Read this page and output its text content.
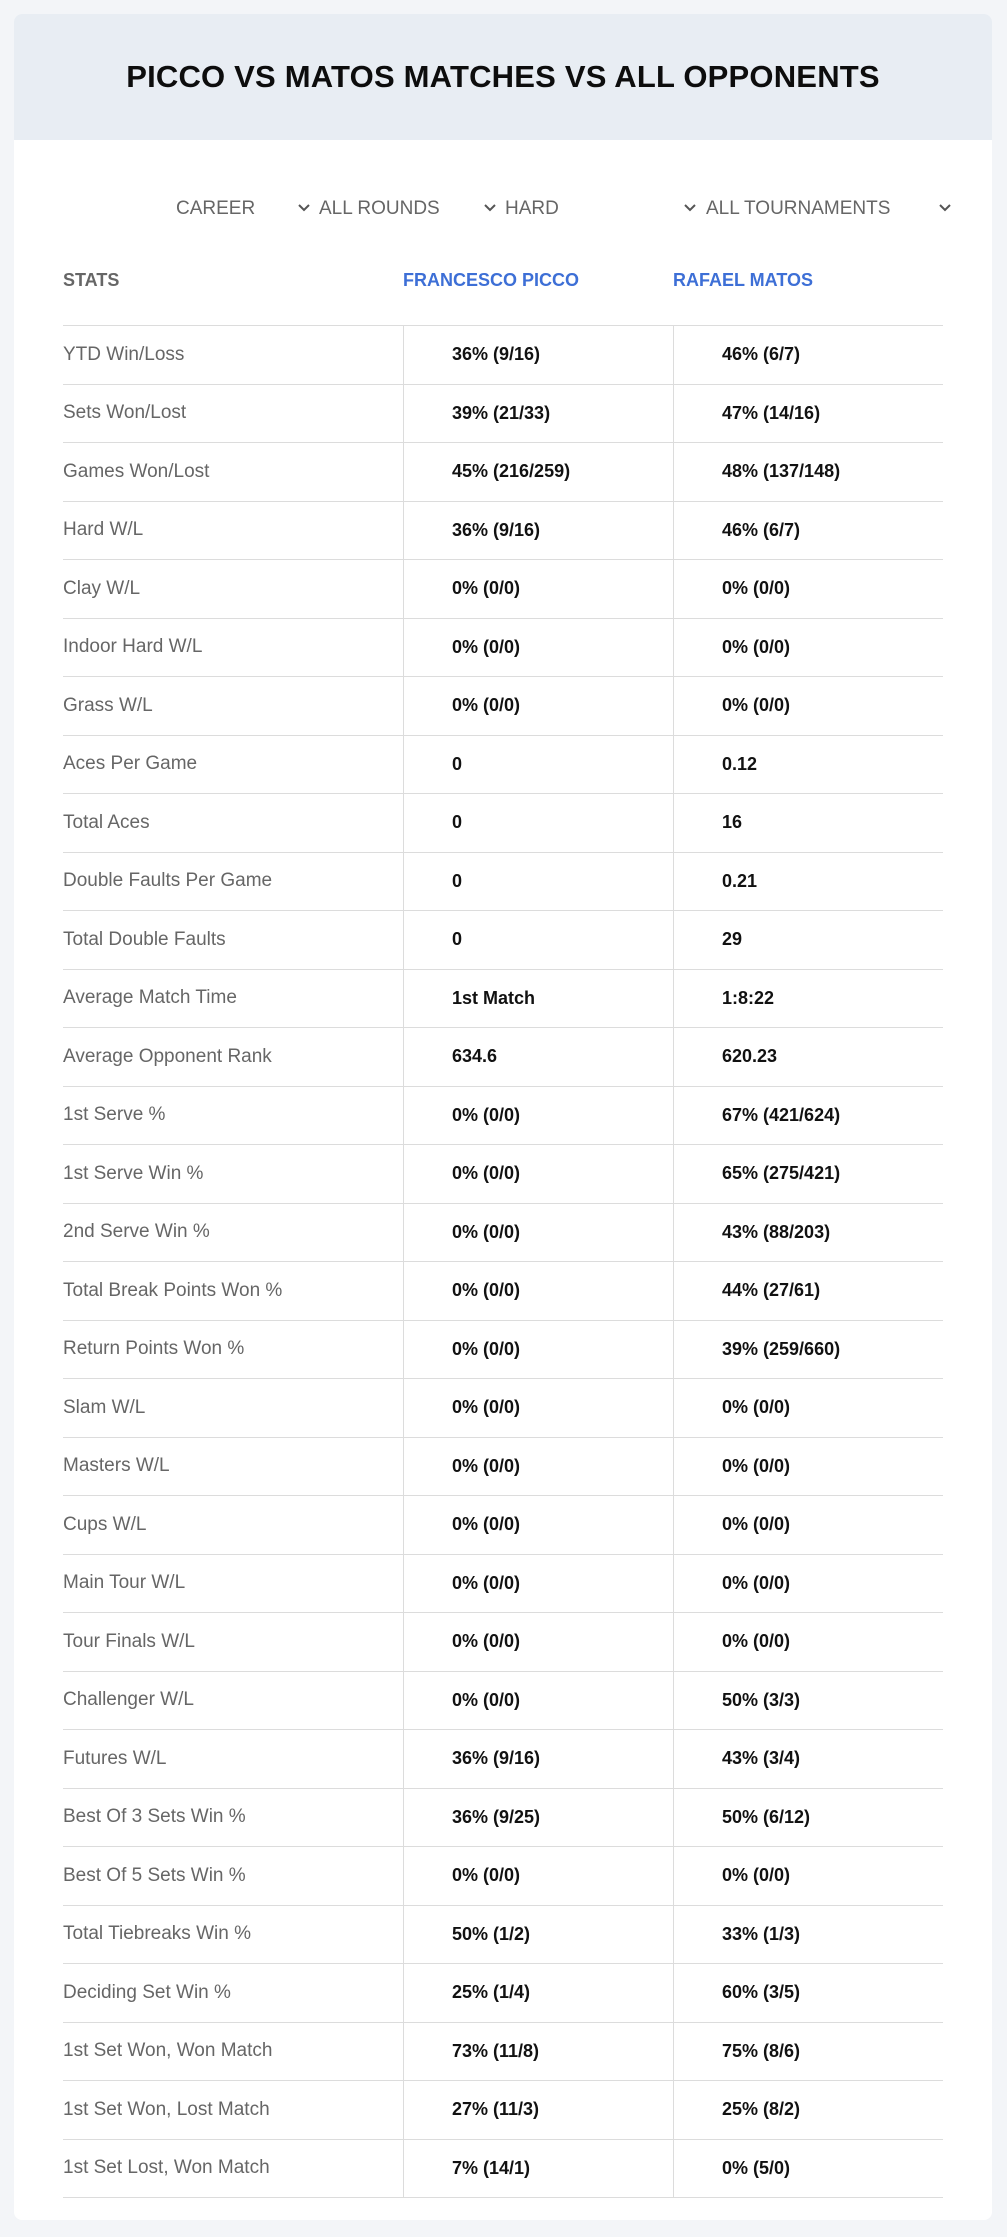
PICCO VS MATOS MATCHES VS ALL OPPONENTS
CAREER	ALL ROUNDS	HARD	ALL TOURNAMENTS
STATS	FRANCESCO PICCO	RAFAEL MATOS
YTD Win/Loss	36% (9/16)	46% (6/7)
Sets Won/Lost	39% (21/33)	47% (14/16)
Games Won/Lost	45% (216/259)	48% (137/148)
Hard W/L	36% (9/16)	46% (6/7)
Clay W/L	0% (0/0)	0% (0/0)
Indoor Hard W/L	0% (0/0)	0% (0/0)
Grass W/L	0% (0/0)	0% (0/0)
Aces Per Game	0	0.12
Total Aces	0	16
Double Faults Per Game	0	0.21
Total Double Faults	0	29
Average Match Time	1st Match	1:8:22
Average Opponent Rank	634.6	620.23
1st Serve %	0% (0/0)	67% (421/624)
1st Serve Win %	0% (0/0)	65% (275/421)
2nd Serve Win %	0% (0/0)	43% (88/203)
Total Break Points Won %	0% (0/0)	44% (27/61)
Return Points Won %	0% (0/0)	39% (259/660)
Slam W/L	0% (0/0)	0% (0/0)
Masters W/L	0% (0/0)	0% (0/0)
Cups W/L	0% (0/0)	0% (0/0)
Main Tour W/L	0% (0/0)	0% (0/0)
Tour Finals W/L	0% (0/0)	0% (0/0)
Challenger W/L	0% (0/0)	50% (3/3)
Futures W/L	36% (9/16)	43% (3/4)
Best Of 3 Sets Win %	36% (9/25)	50% (6/12)
Best Of 5 Sets Win %	0% (0/0)	0% (0/0)
Total Tiebreaks Win %	50% (1/2)	33% (1/3)
Deciding Set Win %	25% (1/4)	60% (3/5)
1st Set Won, Won Match	73% (11/8)	75% (8/6)
1st Set Won, Lost Match	27% (11/3)	25% (8/2)
1st Set Lost, Won Match	7% (14/1)	0% (5/0)
